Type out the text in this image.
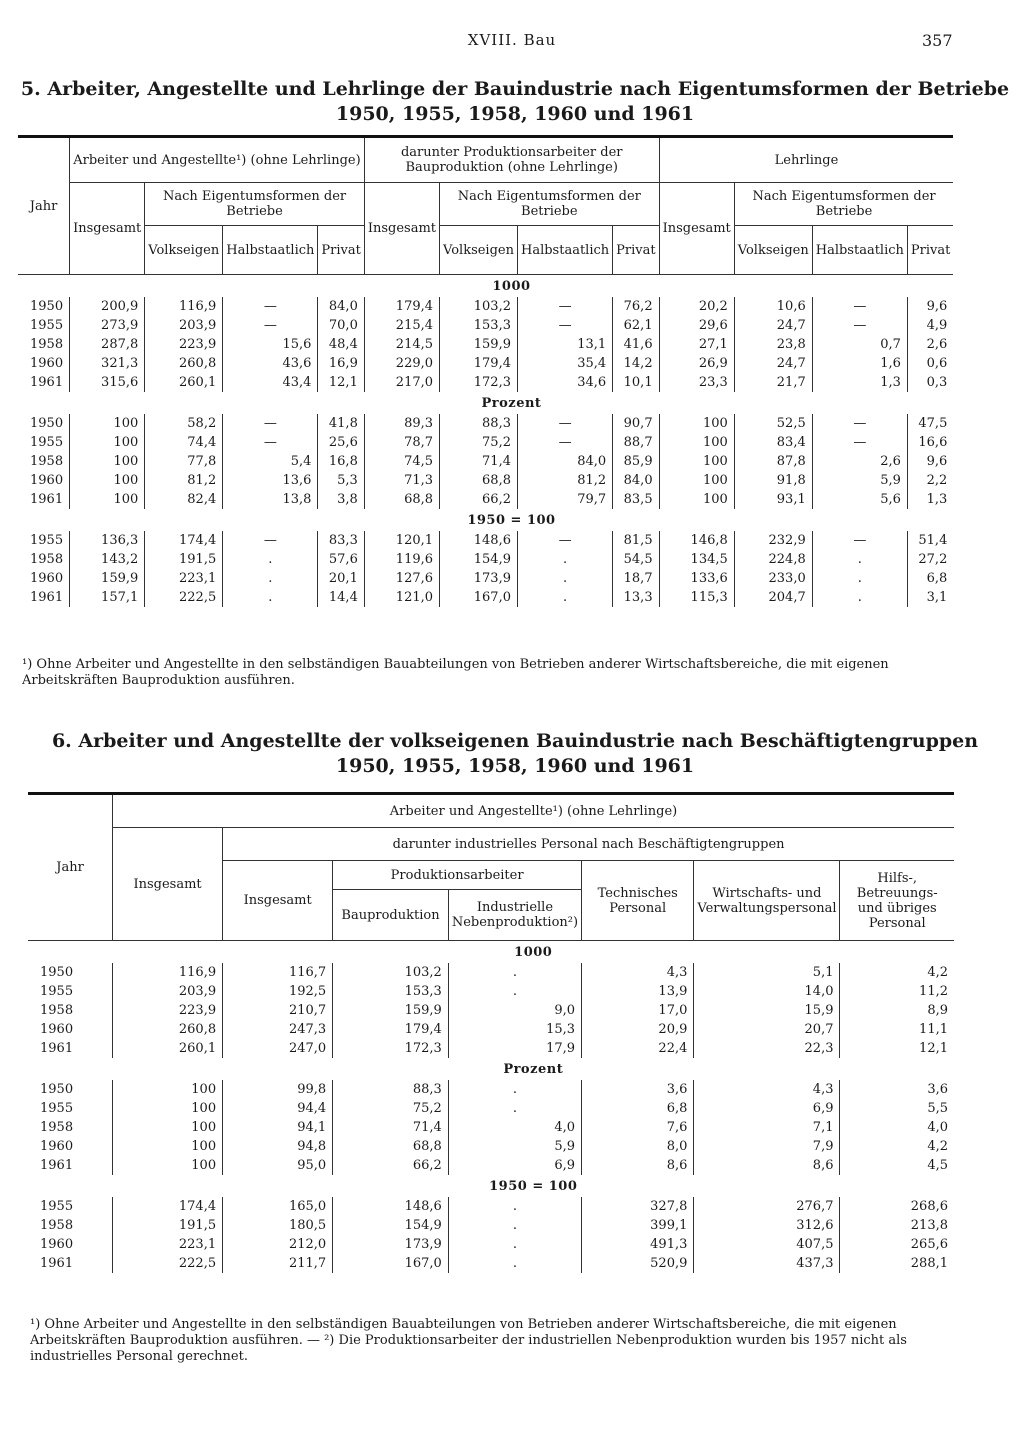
XVIII. Bau	357
5. Arbeiter, Angestellte und Lehrlinge der Bauindustrie nach Eigentumsformen der Betriebe
1950, 1955, 1958, 1960 und 1961
Jahr	Arbeiter und Angestellte¹) (ohne Lehrlinge)				darunter Produktionsarbeiter der Bauproduktion (ohne Lehrlinge)				Lehrlinge			
	Insgesamt	Nach Eigentumsformen der Betriebe			Insgesamt	Nach Eigentumsformen der Betriebe			Insgesamt	Nach Eigentumsformen der Betriebe		
		Volkseigen	Halbstaatlich	Privat		Volkseigen	Halbstaatlich	Privat		Volkseigen	Halbstaatlich	Privat
	1000											
1950	200,9	116,9	—	84,0	179,4	103,2	—	76,2	20,2	10,6	—	9,6
1955	273,9	203,9	—	70,0	215,4	153,3	—	62,1	29,6	24,7	—	4,9
1958	287,8	223,9	15,6	48,4	214,5	159,9	13,1	41,6	27,1	23,8	0,7	2,6
1960	321,3	260,8	43,6	16,9	229,0	179,4	35,4	14,2	26,9	24,7	1,6	0,6
1961	315,6	260,1	43,4	12,1	217,0	172,3	34,6	10,1	23,3	21,7	1,3	0,3
	Prozent											
1950	100	58,2	—	41,8	89,3	88,3	—	90,7	100	52,5	—	47,5
1955	100	74,4	—	25,6	78,7	75,2	—	88,7	100	83,4	—	16,6
1958	100	77,8	5,4	16,8	74,5	71,4	84,0	85,9	100	87,8	2,6	9,6
1960	100	81,2	13,6	5,3	71,3	68,8	81,2	84,0	100	91,8	5,9	2,2
1961	100	82,4	13,8	3,8	68,8	66,2	79,7	83,5	100	93,1	5,6	1,3
	1950 = 100											
1955	136,3	174,4	—	83,3	120,1	148,6	—	81,5	146,8	232,9	—	51,4
1958	143,2	191,5	.	57,6	119,6	154,9	.	54,5	134,5	224,8	.	27,2
1960	159,9	223,1	.	20,1	127,6	173,9	.	18,7	133,6	233,0	.	6,8
1961	157,1	222,5	.	14,4	121,0	167,0	.	13,3	115,3	204,7	.	3,1
¹) Ohne Arbeiter und Angestellte in den selbständigen Bauabteilungen von Betrieben anderer Wirtschaftsbereiche, die mit eigenen Arbeitskräften Bauproduktion ausführen.
6. Arbeiter und Angestellte der volkseigenen Bauindustrie nach Beschäftigtengruppen
1950, 1955, 1958, 1960 und 1961
Jahr	Arbeiter und Angestellte¹) (ohne Lehrlinge)						
	Insgesamt	darunter industrielles Personal nach Beschäftigtengruppen					
		Insgesamt	Produktionsarbeiter		Technisches Personal	Wirtschafts- und Verwaltungspersonal	Hilfs-, Betreuungs- und übriges Personal
			Bauproduktion	Industrielle Nebenproduktion²)			
	1000						
1950	116,9	116,7	103,2	.	4,3	5,1	4,2
1955	203,9	192,5	153,3	.	13,9	14,0	11,2
1958	223,9	210,7	159,9	9,0	17,0	15,9	8,9
1960	260,8	247,3	179,4	15,3	20,9	20,7	11,1
1961	260,1	247,0	172,3	17,9	22,4	22,3	12,1
	Prozent						
1950	100	99,8	88,3	.	3,6	4,3	3,6
1955	100	94,4	75,2	.	6,8	6,9	5,5
1958	100	94,1	71,4	4,0	7,6	7,1	4,0
1960	100	94,8	68,8	5,9	8,0	7,9	4,2
1961	100	95,0	66,2	6,9	8,6	8,6	4,5
	1950 = 100						
1955	174,4	165,0	148,6	.	327,8	276,7	268,6
1958	191,5	180,5	154,9	.	399,1	312,6	213,8
1960	223,1	212,0	173,9	.	491,3	407,5	265,6
1961	222,5	211,7	167,0	.	520,9	437,3	288,1
¹) Ohne Arbeiter und Angestellte in den selbständigen Bauabteilungen von Betrieben anderer Wirtschaftsbereiche, die mit eigenen Arbeitskräften Bauproduktion ausführen. — ²) Die Produktionsarbeiter der industriellen Nebenproduktion wurden bis 1957 nicht als industrielles Personal gerechnet.
